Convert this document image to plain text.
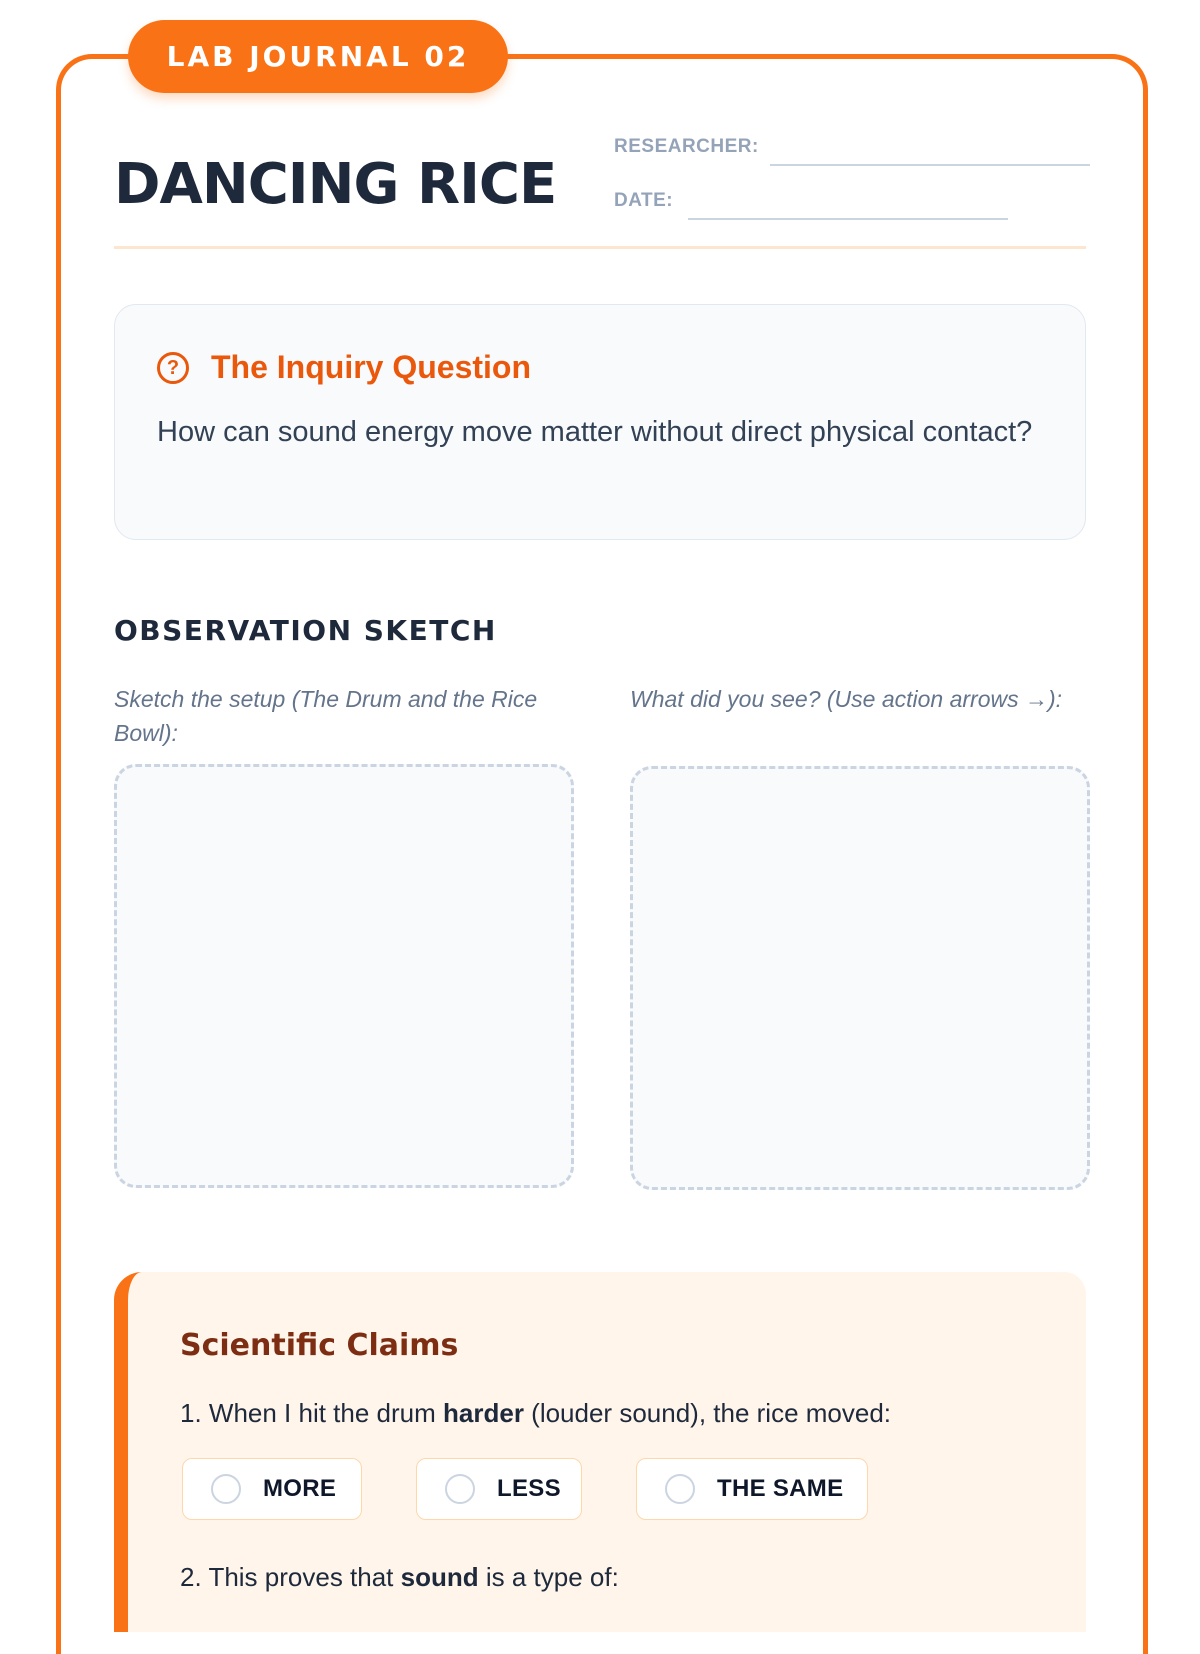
LAB JOURNAL 02
DANCING RICE
RESEARCHER:
DATE:
? The Inquiry Question
How can sound energy move matter without direct physical contact?
OBSERVATION SKETCH
Sketch the setup (The Drum and the Rice Bowl):
What did you see? (Use action arrows →):
Scientific Claims
1. When I hit the drum harder (louder sound), the rice moved:
2. This proves that sound is a type of:
MORE	LESS	THE SAME
